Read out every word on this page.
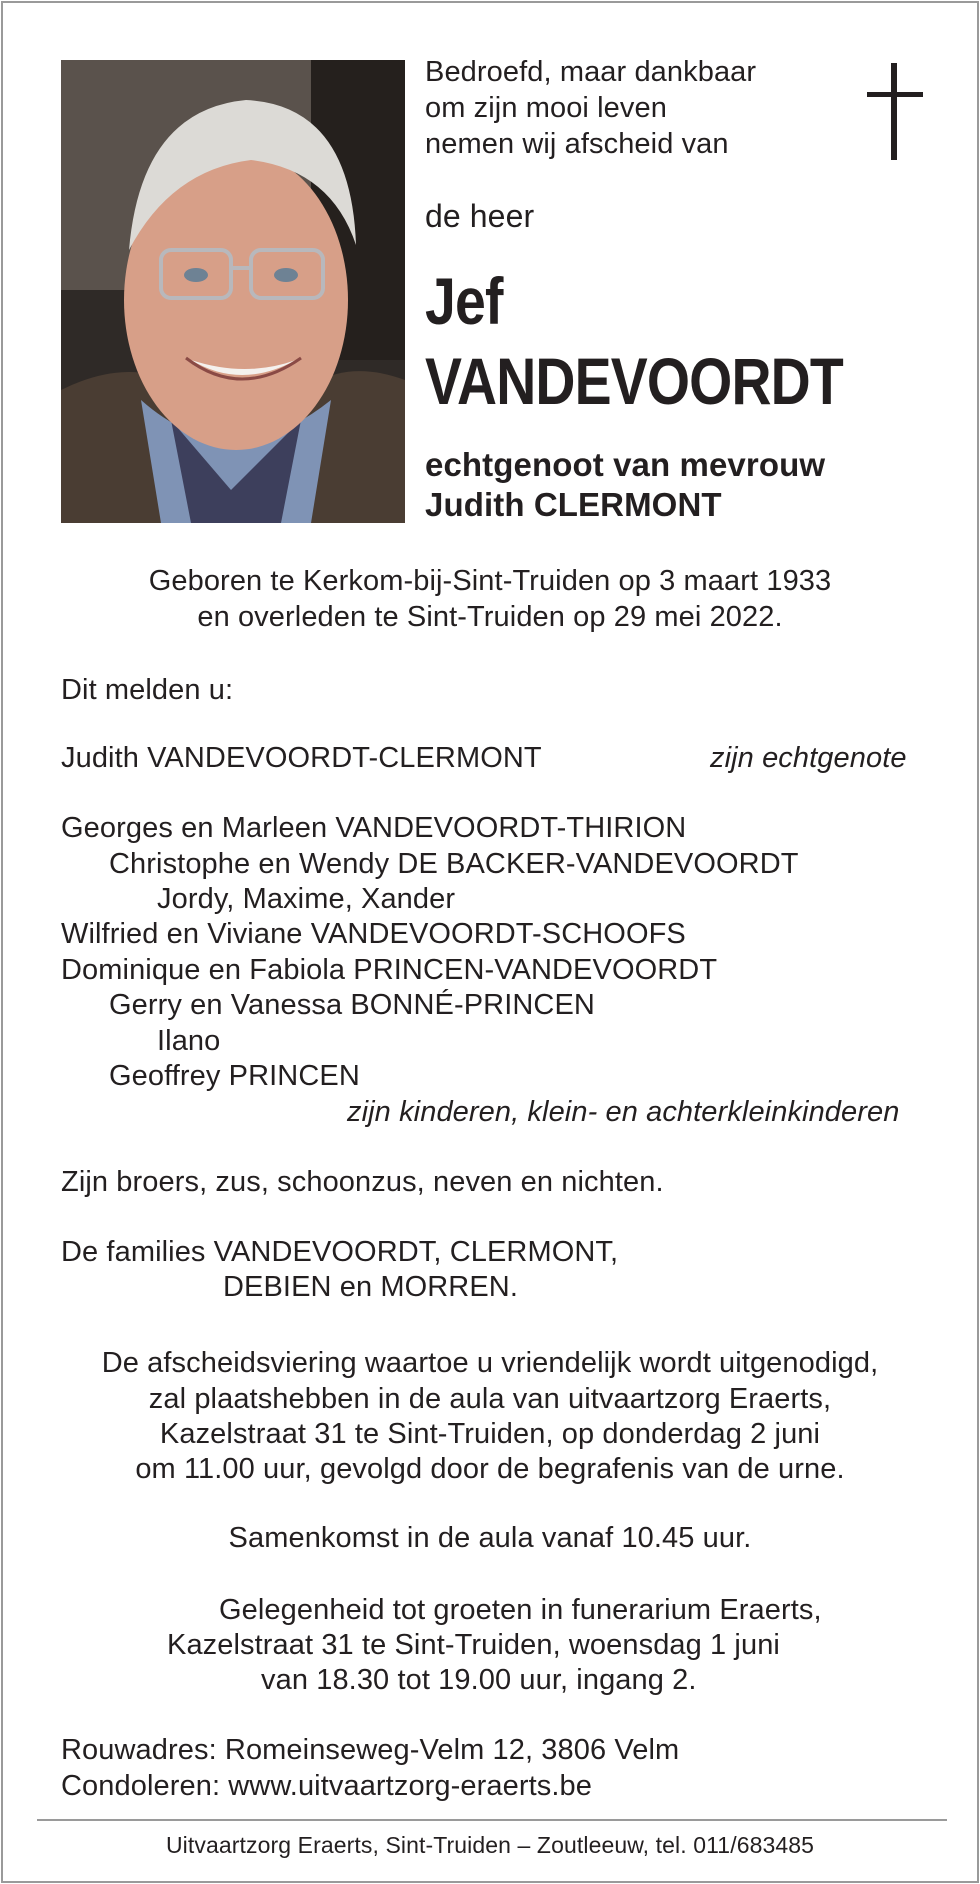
Bedroefd, maar dankbaar
om zijn mooi leven
nemen wij afscheid van
de heer
Jef
VANDEVOORDT
echtgenoot van mevrouw
Judith CLERMONT
Geboren te Kerkom-bij-Sint-Truiden op 3 maart 1933
en overleden te Sint-Truiden op 29 mei 2022.
Dit melden u:
Judith VANDEVOORDT-CLERMONT	zijn echtgenote
Georges en Marleen VANDEVOORDT-THIRION
Christophe en Wendy DE BACKER-VANDEVOORDT
Jordy, Maxime, Xander
Wilfried en Viviane VANDEVOORDT-SCHOOFS
Dominique en Fabiola PRINCEN-VANDEVOORDT
Gerry en Vanessa BONNÉ-PRINCEN
Ilano
Geoffrey PRINCEN
zijn kinderen, klein- en achterkleinkinderen
Zijn broers, zus, schoonzus, neven en nichten.
De families VANDEVOORDT, CLERMONT,
DEBIEN en MORREN.
De afscheidsviering waartoe u vriendelijk wordt uitgenodigd,
zal plaatshebben in de aula van uitvaartzorg Eraerts,
Kazelstraat 31 te Sint-Truiden, op donderdag 2 juni
om 11.00 uur, gevolgd door de begrafenis van de urne.
Samenkomst in de aula vanaf 10.45 uur.
Gelegenheid tot groeten in funerarium Eraerts,
Kazelstraat 31 te Sint-Truiden, woensdag 1 juni
van 18.30 tot 19.00 uur, ingang 2.
Rouwadres: Romeinseweg-Velm 12, 3806 Velm
Condoleren: www.uitvaartzorg-eraerts.be
Uitvaartzorg Eraerts, Sint-Truiden – Zoutleeuw, tel. 011/683485
